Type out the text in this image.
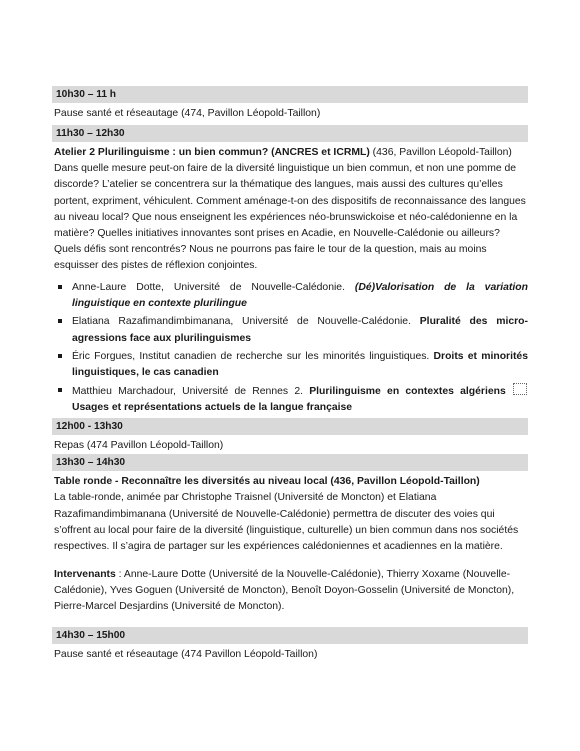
10h30 – 11 h
Pause santé et réseautage (474, Pavillon Léopold-Taillon)
11h30 – 12h30
Atelier 2 Plurilinguisme : un bien commun? (ANCRES et ICRML) (436, Pavillon Léopold-Taillon)
Dans quelle mesure peut-on faire de la diversité linguistique un bien commun, et non une pomme de discorde? L’atelier se concentrera sur la thématique des langues, mais aussi des cultures qu’elles portent, expriment, véhiculent. Comment aménage-t-on des dispositifs de reconnaissance des langues au niveau local? Que nous enseignent les expériences néo-brunswickoise et néo-calédonienne en la matière? Quelles initiatives innovantes sont prises en Acadie, en Nouvelle-Calédonie ou ailleurs? Quels défis sont rencontrés? Nous ne pourrons pas faire le tour de la question, mais au moins esquisser des pistes de réflexion conjointes.
Anne-Laure Dotte, Université de Nouvelle-Calédonie. (Dé)Valorisation de la variation linguistique en contexte plurilingue
Elatiana Razafimandimbimanana, Université de Nouvelle-Calédonie. Pluralité des micro-agressions face aux plurilinguismes
Éric Forgues, Institut canadien de recherche sur les minorités linguistiques. Droits et minorités linguistiques, le cas canadien
Matthieu Marchadour, Université de Rennes 2. Plurilinguisme en contextes algériens Usages et représentations actuels de la langue française
12h00 - 13h30
Repas (474 Pavillon Léopold-Taillon)
13h30 – 14h30
Table ronde - Reconnaître les diversités au niveau local (436, Pavillon Léopold-Taillon)
La table-ronde, animée par Christophe Traisnel (Université de Moncton) et Elatiana Razafimandimbimanana (Université de Nouvelle-Calédonie) permettra de discuter des voies qui s’offrent au local pour faire de la diversité (linguistique, culturelle) un bien commun dans nos sociétés respectives. Il s’agira de partager sur les expériences calédoniennes et acadiennes en la matière.
Intervenants : Anne-Laure Dotte (Université de la Nouvelle-Calédonie), Thierry Xoxame (Nouvelle-Calédonie), Yves Goguen (Université de Moncton), Benoît Doyon-Gosselin (Université de Moncton), Pierre-Marcel Desjardins (Université de Moncton).
14h30 – 15h00
Pause santé et réseautage (474 Pavillon Léopold-Taillon)
